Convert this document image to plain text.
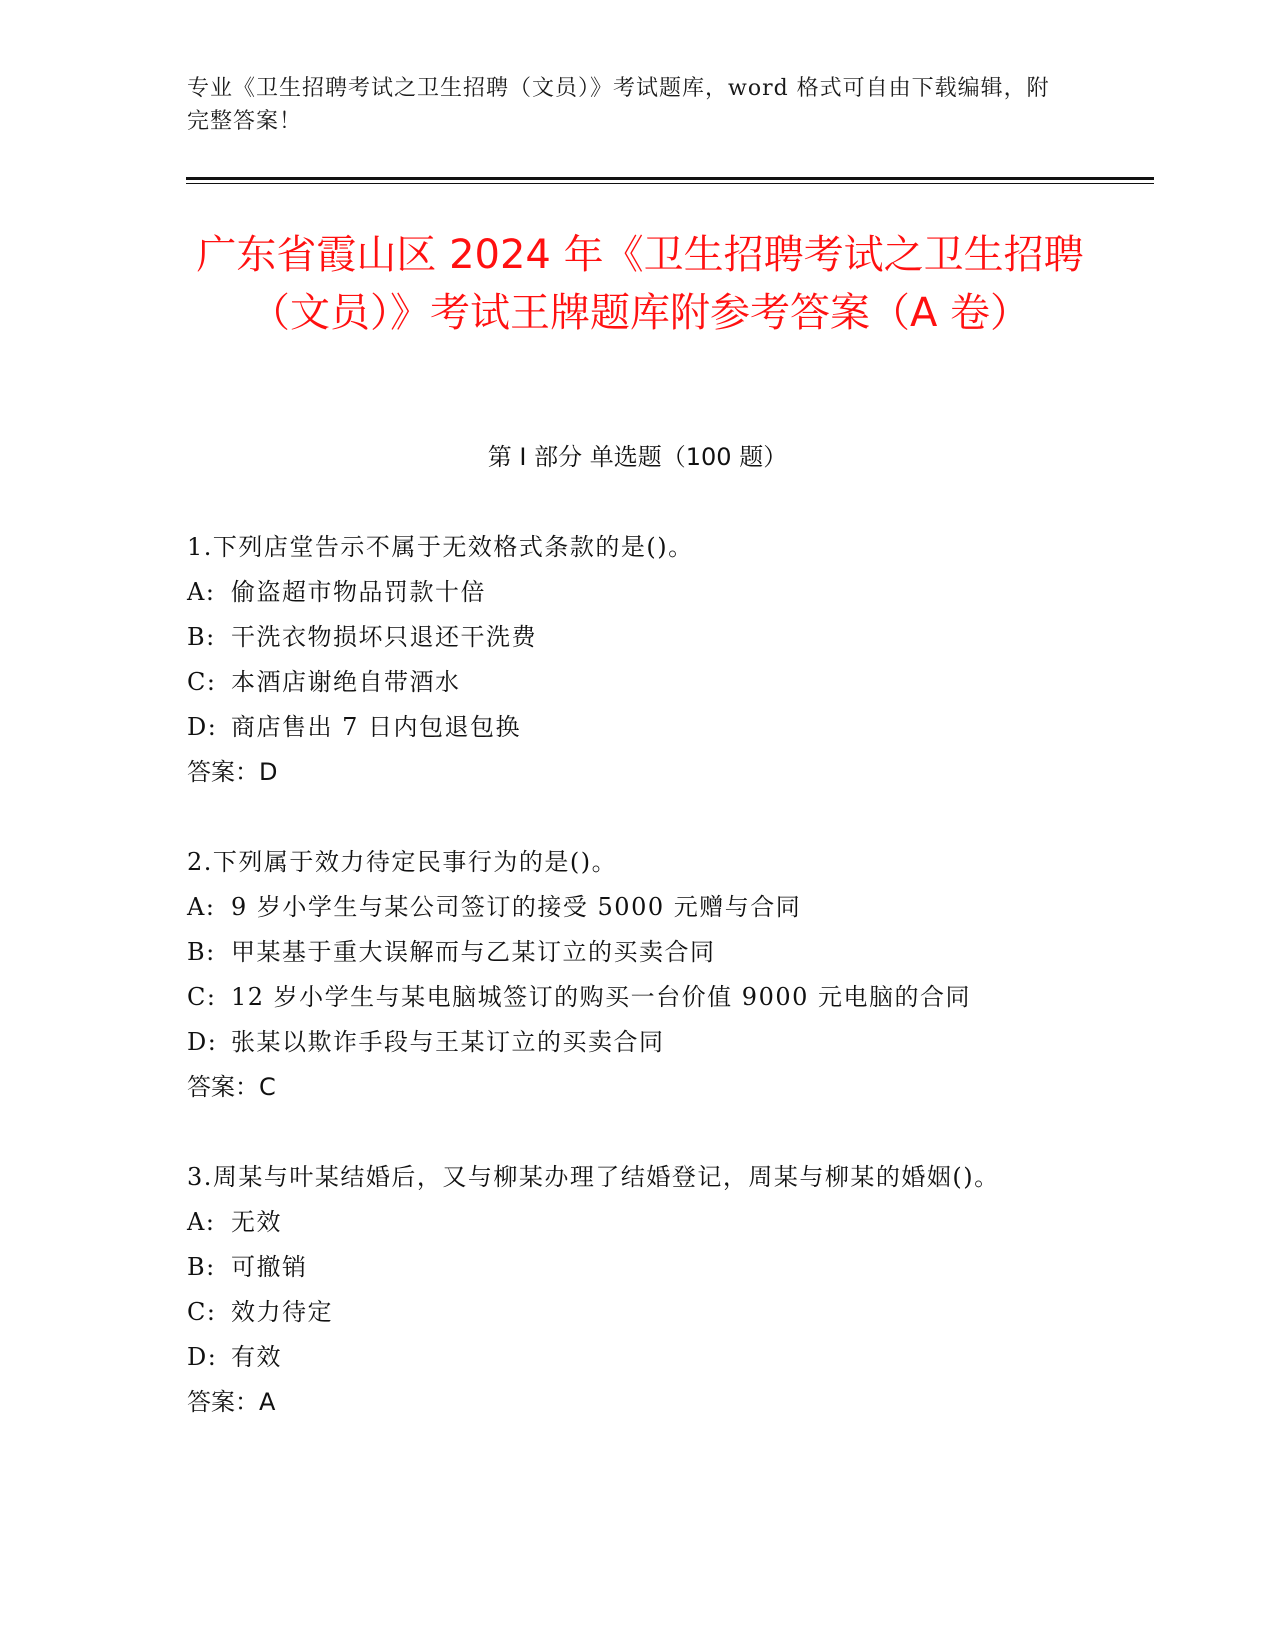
专业《卫生招聘考试之卫生招聘（文员）》考试题库，word 格式可自由下载编辑，附完整答案！

广东省霞山区 2024 年《卫生招聘考试之卫生招聘（文员）》考试王牌题库附参考答案（A 卷）
第 I 部分 单选题（100 题）

1.下列店堂告示不属于无效格式条款的是()。

A: 偷盗超市物品罚款十倍

B: 干洗衣物损坏只退还干洗费

C: 本酒店谢绝自带酒水

D: 商店售出 7 日内包退包换

答案：D

2.下列属于效力待定民事行为的是()。

A: 9 岁小学生与某公司签订的接受 5000 元赠与合同

B: 甲某基于重大误解而与乙某订立的买卖合同

C: 12 岁小学生与某电脑城签订的购买一台价值 9000 元电脑的合同

D: 张某以欺诈手段与王某订立的买卖合同

答案：C

3.周某与叶某结婚后，又与柳某办理了结婚登记，周某与柳某的婚姻()。

A: 无效

B: 可撤销

C: 效力待定

D: 有效

答案：A
